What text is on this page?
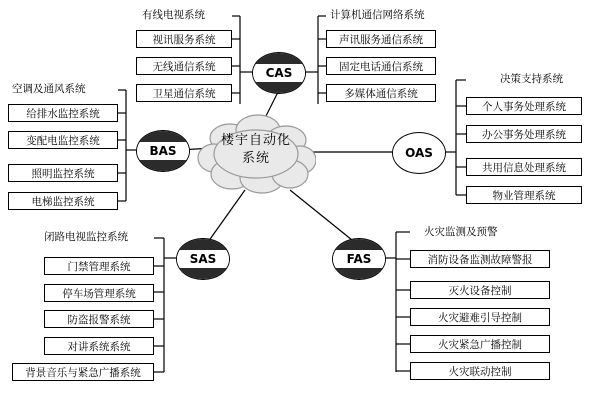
楼宇自动化
系统
CAS
BAS	OAS
SAS	FAS
有线电视系统
视讯服务系统
无线通信系统
卫星通信系统
计算机通信网络系统
声讯服务通信系统
固定电话通信系统
多媒体通信系统
空调及通风系统
给排水监控系统
变配电监控系统
照明监控系统
电梯监控系统
决策支持系统
个人事务处理系统
办公事务处理系统
共用信息处理系统
物业管理系统
闭路电视监控系统
门禁管理系统
停车场管理系统
防盗报警系统
对讲系统系统
背景音乐与紧急广播系统
火灾监测及预警
消防设备监测故障警报
灭火设备控制
火灾避难引导控制
火灾紧急广播控制
火灾联动控制
